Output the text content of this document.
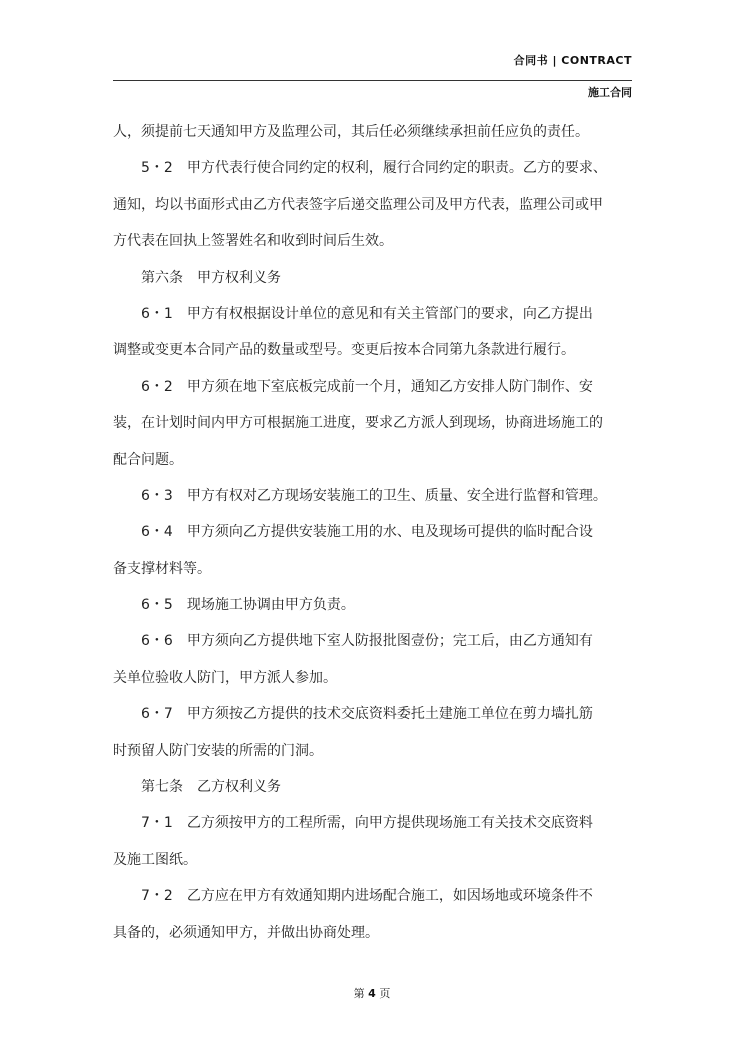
合同书 | CONTRACT
施工合同
人，须提前七天通知甲方及监理公司，其后任必须继续承担前任应负的责任。
5・2　甲方代表行使合同约定的权利，履行合同约定的职责。乙方的要求、
通知，均以书面形式由乙方代表签字后递交监理公司及甲方代表，监理公司或甲
方代表在回执上签署姓名和收到时间后生效。
第六条　甲方权利义务
6・1　甲方有权根据设计单位的意见和有关主管部门的要求，向乙方提出
调整或变更本合同产品的数量或型号。变更后按本合同第九条款进行履行。
6・2　甲方须在地下室底板完成前一个月，通知乙方安排人防门制作、安
装，在计划时间内甲方可根据施工进度，要求乙方派人到现场，协商进场施工的
配合问题。
6・3　甲方有权对乙方现场安装施工的卫生、质量、安全进行监督和管理。
6・4　甲方须向乙方提供安装施工用的水、电及现场可提供的临时配合设
备支撑材料等。
6・5　现场施工协调由甲方负责。
6・6　甲方须向乙方提供地下室人防报批图壹份；完工后，由乙方通知有
关单位验收人防门，甲方派人参加。
6・7　甲方须按乙方提供的技术交底资料委托土建施工单位在剪力墙扎筋
时预留人防门安装的所需的门洞。
第七条　乙方权利义务
7・1　乙方须按甲方的工程所需，向甲方提供现场施工有关技术交底资料
及施工图纸。
7・2　乙方应在甲方有效通知期内进场配合施工，如因场地或环境条件不
具备的，必须通知甲方，并做出协商处理。
第 4 页
